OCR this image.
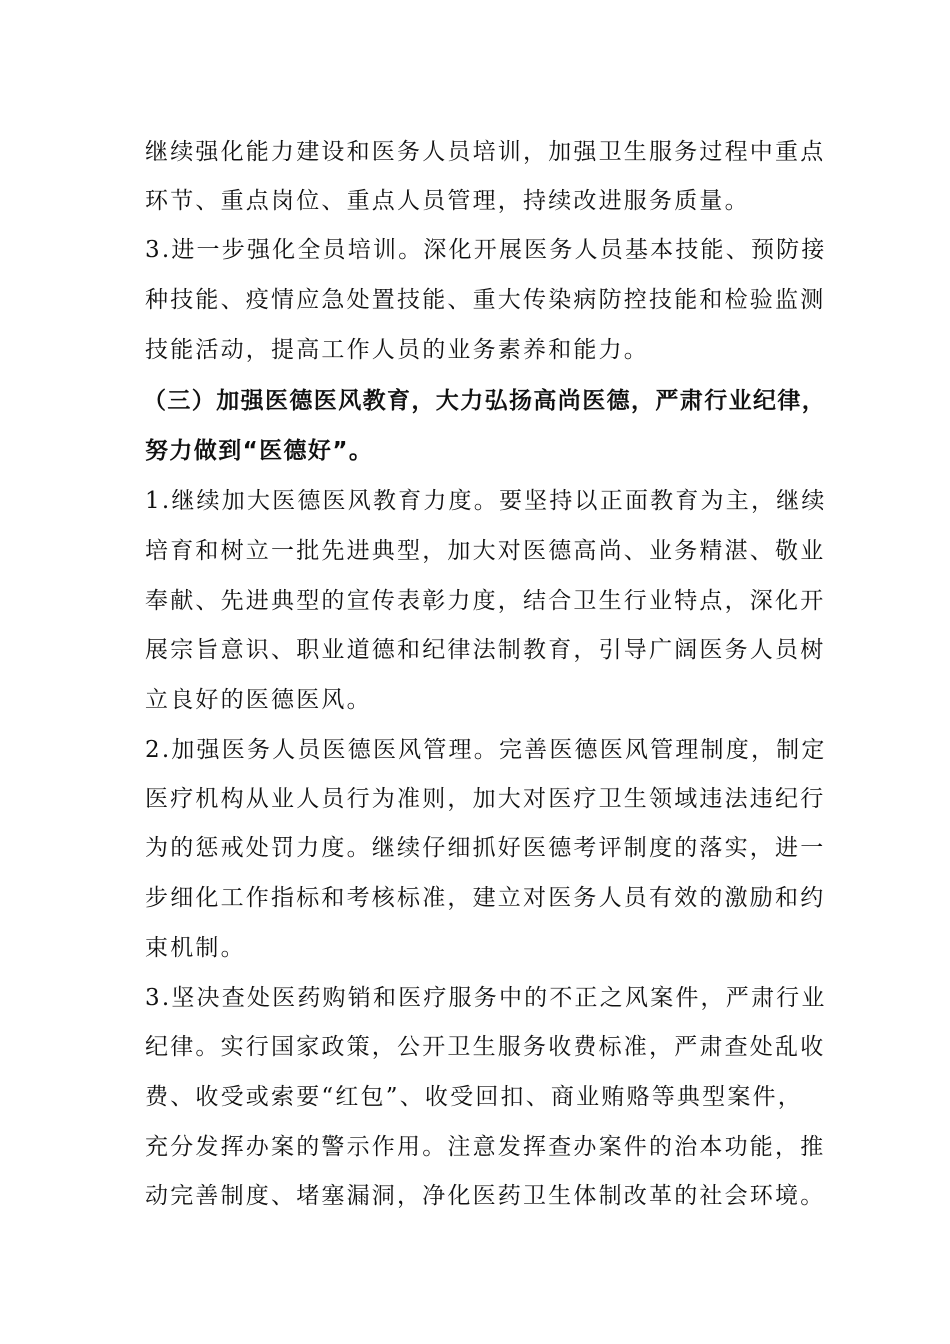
继续强化能力建设和医务人员培训，加强卫生服务过程中重点
环节、重点岗位、重点人员管理，持续改进服务质量。
3.进一步强化全员培训。深化开展医务人员基本技能、预防接
种技能、疫情应急处置技能、重大传染病防控技能和检验监测
技能活动，提高工作人员的业务素养和能力。
（三）加强医德医风教育，大力弘扬高尚医德，严肃行业纪律，
努力做到“医德好”。
1.继续加大医德医风教育力度。要坚持以正面教育为主，继续
培育和树立一批先进典型，加大对医德高尚、业务精湛、敬业
奉献、先进典型的宣传表彰力度，结合卫生行业特点，深化开
展宗旨意识、职业道德和纪律法制教育，引导广阔医务人员树
立良好的医德医风。
2.加强医务人员医德医风管理。完善医德医风管理制度，制定
医疗机构从业人员行为准则，加大对医疗卫生领域违法违纪行
为的惩戒处罚力度。继续仔细抓好医德考评制度的落实，进一
步细化工作指标和考核标准，建立对医务人员有效的激励和约
束机制。
3.坚决查处医药购销和医疗服务中的不正之风案件，严肃行业
纪律。实行国家政策，公开卫生服务收费标准，严肃查处乱收
费、收受或索要“红包”、收受回扣、商业贿赂等典型案件，
充分发挥办案的警示作用。注意发挥查办案件的治本功能，推
动完善制度、堵塞漏洞，净化医药卫生体制改革的社会环境。
